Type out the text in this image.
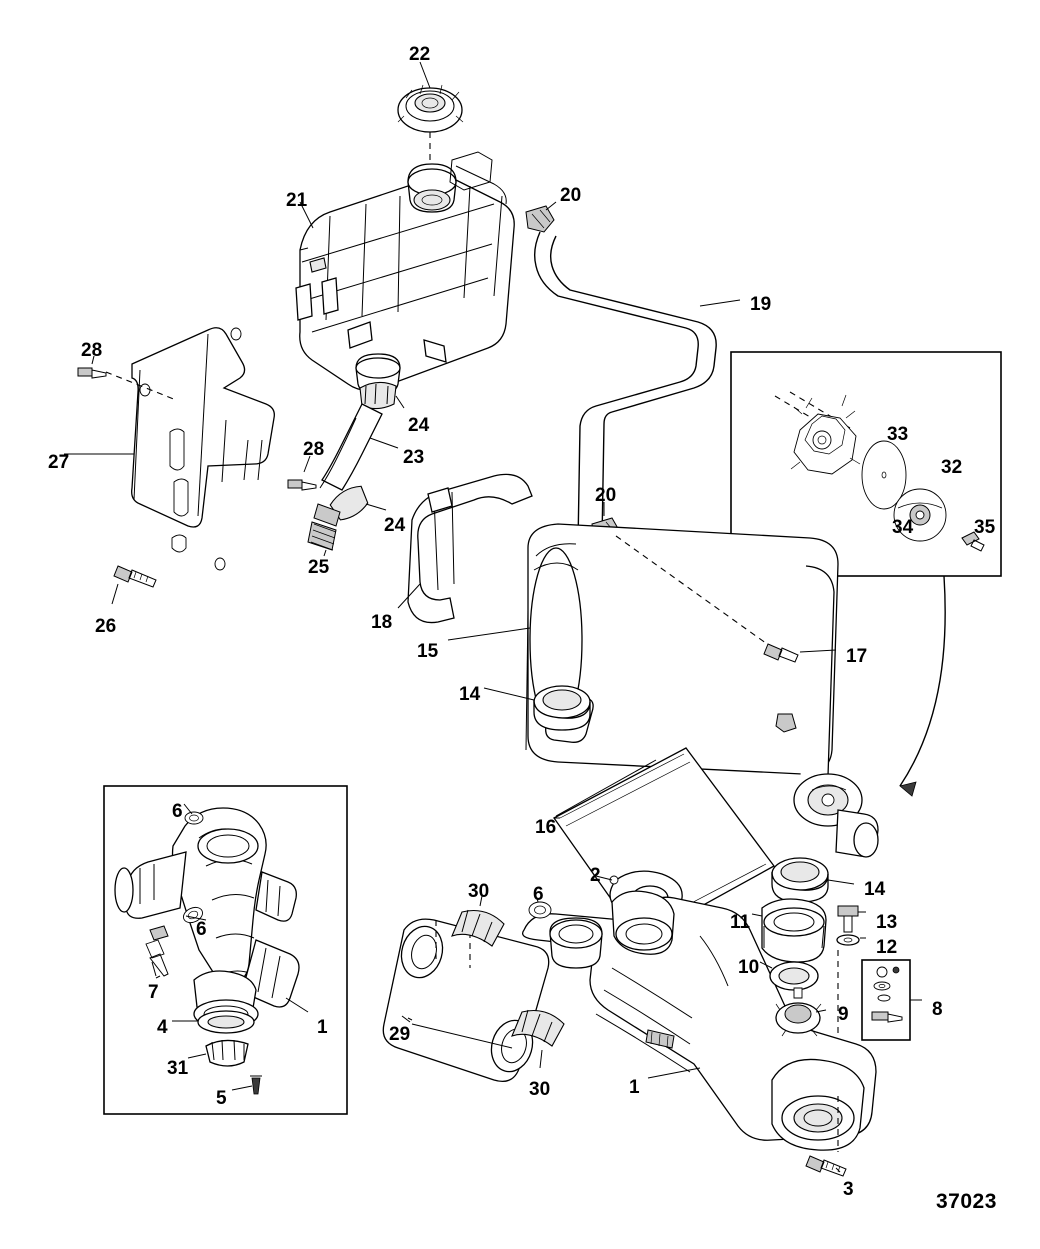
22
21	20
19
28
24	33
28	23	32
27
24
20
34	35
25
18
26
15	17
14
6
16
14
2
30 6
6	11	13
12
10
8
1
7
9
4	29
31
30	1
5
3
37023
